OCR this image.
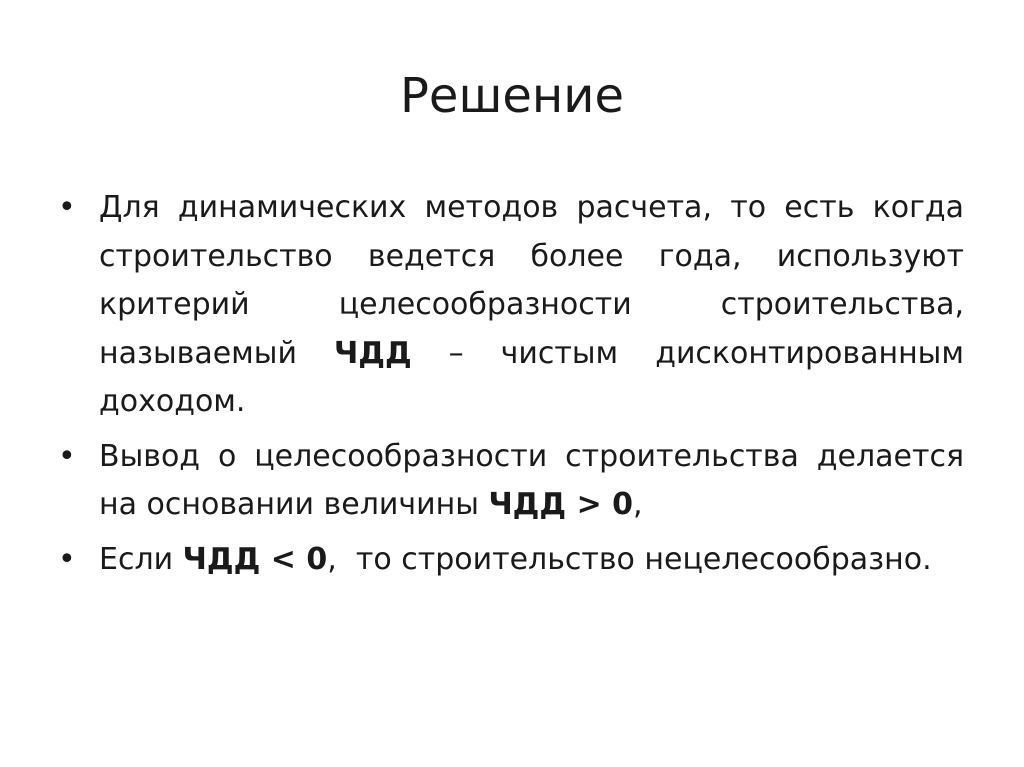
Решение
• Для динамических методов расчета, то есть когда строительство ведется более года, используют критерий целесообразности строительства, называемый ЧДД – чистым дисконтированным доходом.
• Вывод о целесообразности строительства делается на основании величины ЧДД > 0,
• Если ЧДД < 0,  то строительство нецелесообразно.
